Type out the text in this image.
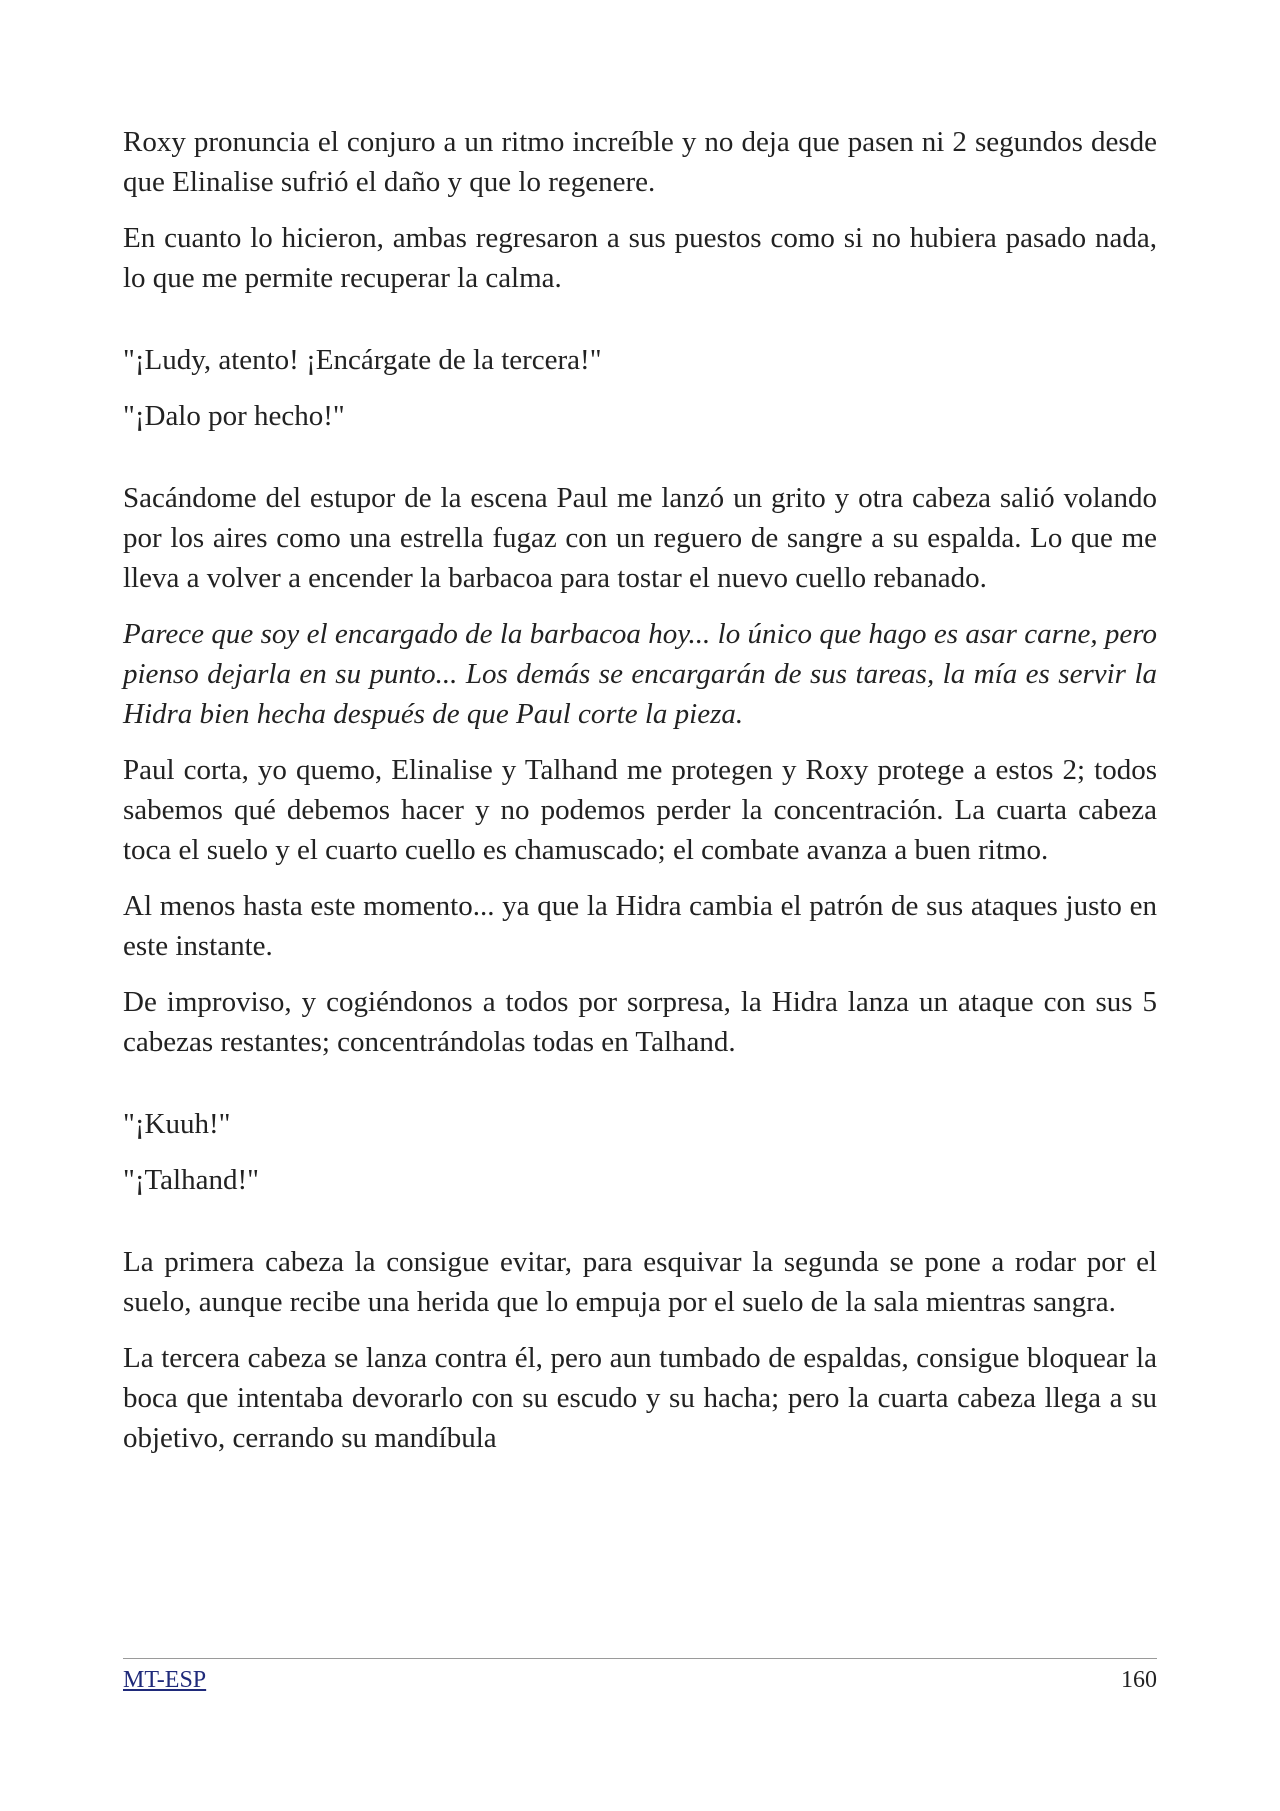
Roxy pronuncia el conjuro a un ritmo increíble y no deja que pasen ni 2 segundos desde que Elinalise sufrió el daño y que lo regenere.

En cuanto lo hicieron, ambas regresaron a sus puestos como si no hubiera pasado nada, lo que me permite recuperar la calma.

"¡Ludy, atento! ¡Encárgate de la tercera!"

"¡Dalo por hecho!"

Sacándome del estupor de la escena Paul me lanzó un grito y otra cabeza salió volando por los aires como una estrella fugaz con un reguero de sangre a su espalda. Lo que me lleva a volver a encender la barbacoa para tostar el nuevo cuello rebanado.

Parece que soy el encargado de la barbacoa hoy... lo único que hago es asar carne, pero pienso dejarla en su punto... Los demás se encargarán de sus tareas, la mía es servir la Hidra bien hecha después de que Paul corte la pieza.

Paul corta, yo quemo, Elinalise y Talhand me protegen y Roxy protege a estos 2; todos sabemos qué debemos hacer y no podemos perder la concentración. La cuarta cabeza toca el suelo y el cuarto cuello es chamuscado; el combate avanza a buen ritmo.

Al menos hasta este momento... ya que la Hidra cambia el patrón de sus ataques justo en este instante.

De improviso, y cogiéndonos a todos por sorpresa, la Hidra lanza un ataque con sus 5 cabezas restantes; concentrándolas todas en Talhand.

"¡Kuuh!"

"¡Talhand!"

La primera cabeza la consigue evitar, para esquivar la segunda se pone a rodar por el suelo, aunque recibe una herida que lo empuja por el suelo de la sala mientras sangra.

La tercera cabeza se lanza contra él, pero aun tumbado de espaldas, consigue bloquear la boca que intentaba devorarlo con su escudo y su hacha; pero la cuarta cabeza llega a su objetivo, cerrando su mandíbula

MT-ESP	160
